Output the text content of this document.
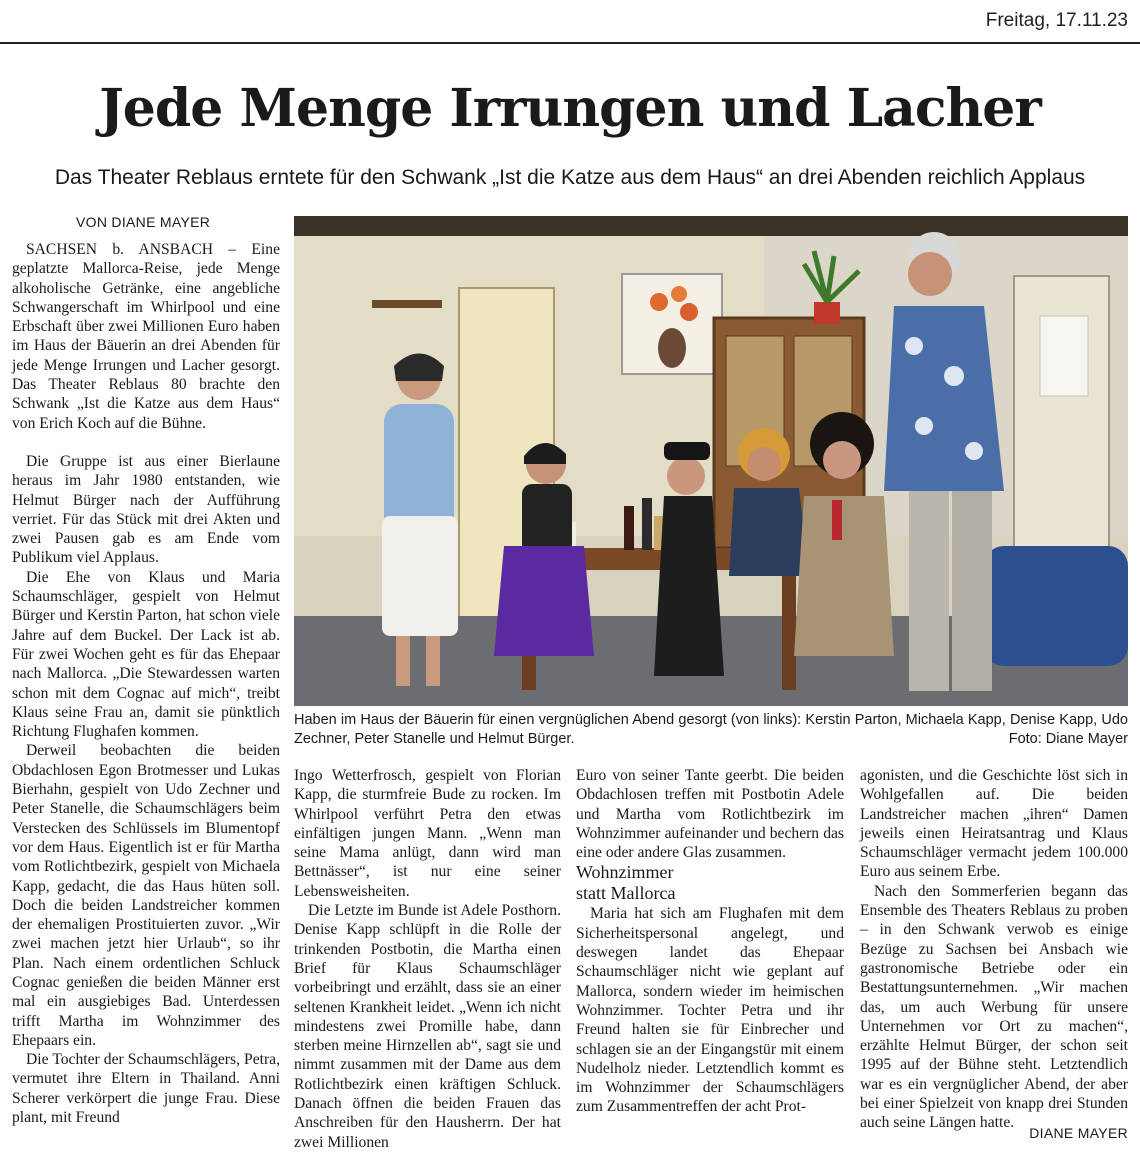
Freitag, 17.11.23
Jede Menge Irrungen und Lacher
Das Theater Reblaus erntete für den Schwank „Ist die Katze aus dem Haus“ an drei Abenden reichlich Applaus
VON DIANE MAYER

SACHSEN b. ANSBACH – Eine geplatzte Mallorca-Reise, jede Menge alkoholische Getränke, eine angebliche Schwangerschaft im Whirlpool und eine Erbschaft über zwei Millionen Euro haben im Haus der Bäuerin an drei Abenden für jede Menge Irrungen und Lacher gesorgt. Das Theater Reblaus 80 brachte den Schwank „Ist die Katze aus dem Haus“ von Erich Koch auf die Bühne.

Die Gruppe ist aus einer Bierlaune heraus im Jahr 1980 entstanden, wie Helmut Bürger nach der Aufführung verriet. Für das Stück mit drei Akten und zwei Pausen gab es am Ende vom Publikum viel Applaus.

Die Ehe von Klaus und Maria Schaumschläger, gespielt von Helmut Bürger und Kerstin Parton, hat schon viele Jahre auf dem Buckel. Der Lack ist ab. Für zwei Wochen geht es für das Ehepaar nach Mallorca. „Die Stewardessen warten schon mit dem Cognac auf mich“, treibt Klaus seine Frau an, damit sie pünktlich Richtung Flughafen kommen.

Derweil beobachten die beiden Obdachlosen Egon Brotmesser und Lukas Bierhahn, gespielt von Udo Zechner und Peter Stanelle, die Schaumschlägers beim Verstecken des Schlüssels im Blumentopf vor dem Haus. Eigentlich ist er für Martha vom Rotlichtbezirk, gespielt von Michaela Kapp, gedacht, die das Haus hüten soll. Doch die beiden Landstreicher kommen der ehemaligen Prostituierten zuvor. „Wir zwei machen jetzt hier Urlaub“, so ihr Plan. Nach einem ordentlichen Schluck Cognac genießen die beiden Männer erst mal ein ausgiebiges Bad. Unterdessen trifft Martha im Wohnzimmer des Ehepaars ein.

Die Tochter der Schaumschlägers, Petra, vermutet ihre Eltern in Thailand. Anni Scherer verkörpert die junge Frau. Diese plant, mit Freund

Haben im Haus der Bäuerin für einen vergnüglichen Abend gesorgt (von links): Kerstin Parton, Michaela Kapp, Denise Kapp, Udo Zechner, Peter Stanelle und Helmut Bürger.	Foto: Diane Mayer

Ingo Wetterfrosch, gespielt von Florian Kapp, die sturmfreie Bude zu rocken. Im Whirlpool verführt Petra den etwas einfältigen jungen Mann. „Wenn man seine Mama anlügt, dann wird man Bettnässer“, ist nur eine seiner Lebensweisheiten.

Die Letzte im Bunde ist Adele Posthorn. Denise Kapp schlüpft in die Rolle der trinkenden Postbotin, die Martha einen Brief für Klaus Schaumschläger vorbeibringt und erzählt, dass sie an einer seltenen Krankheit leidet. „Wenn ich nicht mindestens zwei Promille habe, dann sterben meine Hirnzellen ab“, sagt sie und nimmt zusammen mit der Dame aus dem Rotlichtbezirk einen kräftigen Schluck. Danach öffnen die beiden Frauen das Anschreiben für den Hausherrn. Der hat zwei Millionen

Euro von seiner Tante geerbt. Die beiden Obdachlosen treffen mit Postbotin Adele und Martha vom Rotlichtbezirk im Wohnzimmer aufeinander und bechern das eine oder andere Glas zusammen.

Wohnzimmer
statt Mallorca

Maria hat sich am Flughafen mit dem Sicherheitspersonal angelegt, und deswegen landet das Ehepaar Schaumschläger nicht wie geplant auf Mallorca, sondern wieder im heimischen Wohnzimmer. Tochter Petra und ihr Freund halten sie für Einbrecher und schlagen sie an der Eingangstür mit einem Nudelholz nieder. Letztendlich kommt es im Wohnzimmer der Schaumschlägers zum Zusammentreffen der acht Prot-

agonisten, und die Geschichte löst sich in Wohlgefallen auf. Die beiden Landstreicher machen „ihren“ Damen jeweils einen Heiratsantrag und Klaus Schaumschläger vermacht jedem 100.000 Euro aus seinem Erbe.

Nach den Sommerferien begann das Ensemble des Theaters Reblaus zu proben – in den Schwank verwob es einige Bezüge zu Sachsen bei Ansbach wie gastronomische Betriebe oder ein Bestattungsunternehmen. „Wir machen das, um auch Werbung für unsere Unternehmen vor Ort zu machen“, erzählte Helmut Bürger, der schon seit 1995 auf der Bühne steht. Letztendlich war es ein vergnüglicher Abend, der aber bei einer Spielzeit von knapp drei Stunden auch seine Längen hatte.

DIANE MAYER
